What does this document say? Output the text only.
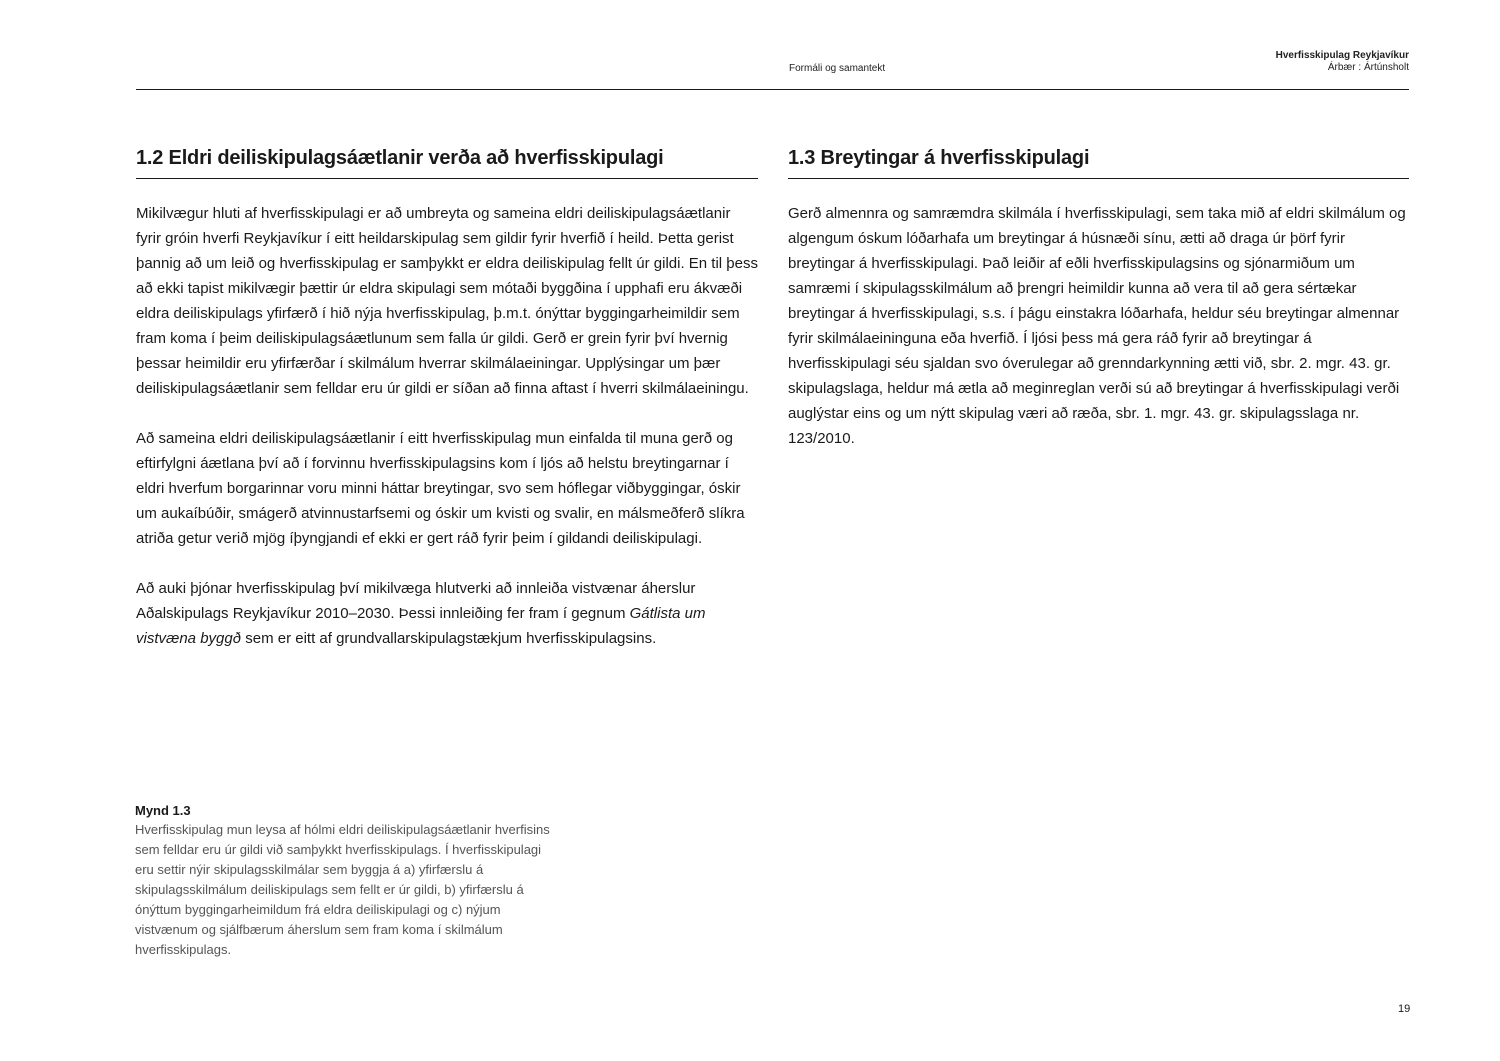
Formáli og samantekt
Hverfisskipulag Reykjavíkur
Árbær : Ártúnsholt
1.2 Eldri deiliskipulagsáætlanir verða að hverfisskipulagi

Mikilvægur hluti af hverfisskipulagi er að umbreyta og sameina eldri deiliskipulagsáætlanir fyrir gróin hverfi Reykjavíkur í eitt heildarskipulag sem gildir fyrir hverfið í heild. Þetta gerist þannig að um leið og hverfisskipulag er samþykkt er eldra deiliskipulag fellt úr gildi. En til þess að ekki tapist mikilvægir þættir úr eldra skipulagi sem mótaði byggðina í upphafi eru ákvæði eldra deiliskipulags yfirfærð í hið nýja hverfisskipulag, þ.m.t. ónýttar byggingarheimildir sem fram koma í þeim deiliskipulagsáætlunum sem falla úr gildi. Gerð er grein fyrir því hvernig þessar heimildir eru yfirfærðar í skilmálum hverrar skilmálaeiningar. Upplýsingar um þær deiliskipulagsáætlanir sem felldar eru úr gildi er síðan að finna aftast í hverri skilmálaeiningu.

Að sameina eldri deiliskipulagsáætlanir í eitt hverfisskipulag mun einfalda til muna gerð og eftirfylgni áætlana því að í forvinnu hverfisskipulagsins kom í ljós að helstu breytingarnar í eldri hverfum borgarinnar voru minni háttar breytingar, svo sem hóflegar viðbyggingar, óskir um aukaíbúðir, smágerð atvinnustarfsemi og óskir um kvisti og svalir, en málsmeðferð slíkra atriða getur verið mjög íþyngjandi ef ekki er gert ráð fyrir þeim í gildandi deiliskipulagi.

Að auki þjónar hverfisskipulag því mikilvæga hlutverki að innleiða vistvænar áherslur Aðalskipulags Reykjavíkur 2010–2030. Þessi innleiðing fer fram í gegnum Gátlista um vistvæna byggð sem er eitt af grundvallarskipulagstækjum hverfisskipulagsins.

1.3 Breytingar á hverfisskipulagi

Gerð almennra og samræmdra skilmála í hverfisskipulagi, sem taka mið af eldri skilmálum og algengum óskum lóðarhafa um breytingar á húsnæði sínu, ætti að draga úr þörf fyrir breytingar á hverfisskipulagi. Það leiðir af eðli hverfisskipulagsins og sjónarmiðum um samræmi í skipulagsskilmálum að þrengri heimildir kunna að vera til að gera sértækar breytingar á hverfisskipulagi, s.s. í þágu einstakra lóðarhafa, heldur séu breytingar almennar fyrir skilmálaeininguna eða hverfið. Í ljósi þess má gera ráð fyrir að breytingar á hverfisskipulagi séu sjaldan svo óverulegar að grenndarkynning ætti við, sbr. 2. mgr. 43. gr. skipulagslaga, heldur má ætla að meginreglan verði sú að breytingar á hverfisskipulagi verði auglýstar eins og um nýtt skipulag væri að ræða, sbr. 1. mgr. 43. gr. skipulagsslaga nr. 123/2010.

Mynd 1.3
Hverfisskipulag mun leysa af hólmi eldri deiliskipulagsáætlanir hverfisins sem felldar eru úr gildi við samþykkt hverfisskipulags. Í hverfisskipulagi eru settir nýir skipulagsskilmálar sem byggja á a) yfirfærslu á skipulagsskilmálum deiliskipulags sem fellt er úr gildi, b) yfirfærslu á ónýttum byggingarheimildum frá eldra deiliskipulagi og c) nýjum vistvænum og sjálfbærum áherslum sem fram koma í skilmálum hverfisskipulags.
19
